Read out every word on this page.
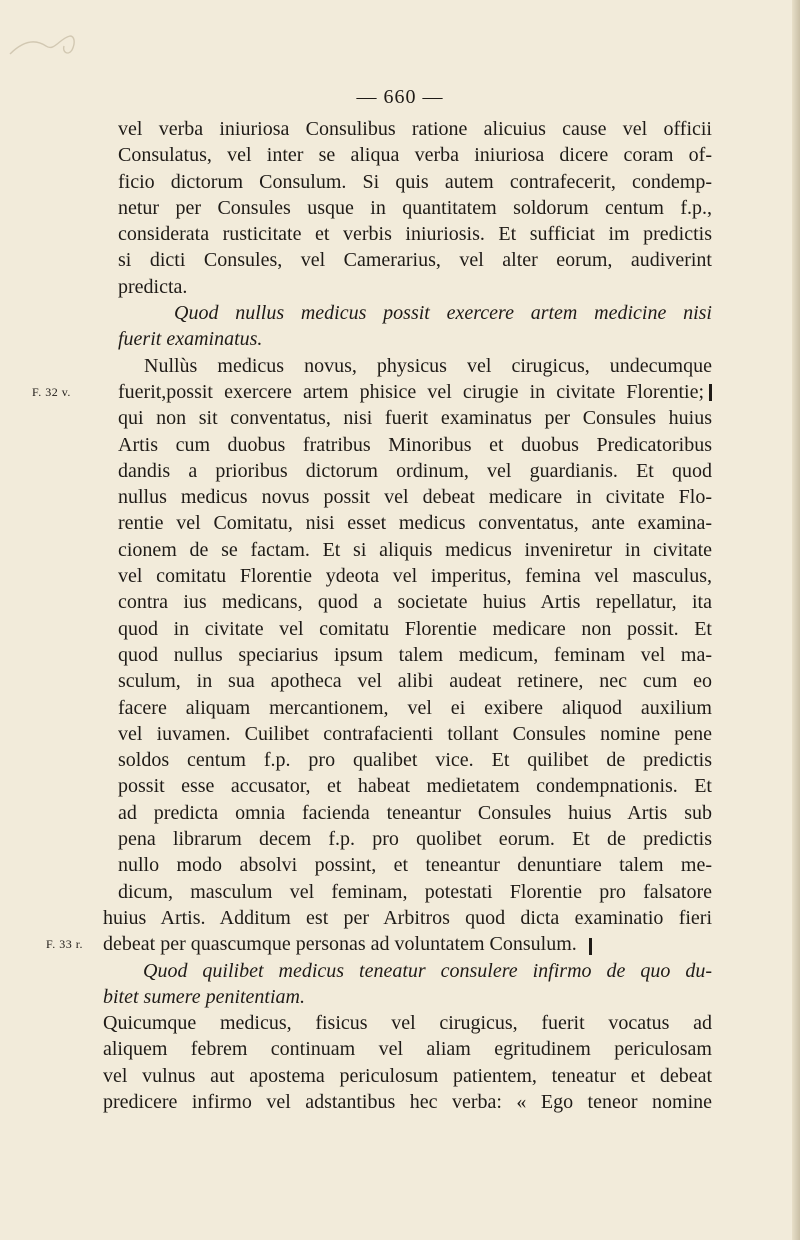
— 660 —
vel verba iniuriosa Consulibus ratione alicuius cause vel officii
Consulatus, vel inter se aliqua verba iniuriosa dicere coram of-
ficio dictorum Consulum. Si quis autem contrafecerit, condemp-
netur per Consules usque in quantitatem soldorum centum f.p.,
considerata rusticitate et verbis iniuriosis. Et sufficiat im predictis
si dicti Consules, vel Camerarius, vel alter eorum, audiverint
predicta.
Quod nullus medicus possit exercere artem medicine nisi
fuerit examinatus.
Nullùs medicus novus, physicus vel cirugicus, undecumque
F. 32 v. fuerit,possit exercere artem phisice vel cirugie in civitate Florentie;
qui non sit conventatus, nisi fuerit examinatus per Consules huius
Artis cum duobus fratribus Minoribus et duobus Predicatoribus
dandis a prioribus dictorum ordinum, vel guardianis. Et quod
nullus medicus novus possit vel debeat medicare in civitate Flo-
rentie vel Comitatu, nisi esset medicus conventatus, ante examina-
cionem de se factam. Et si aliquis medicus inveniretur in civitate
vel comitatu Florentie ydeota vel imperitus, femina vel masculus,
contra ius medicans, quod a societate huius Artis repellatur, ita
quod in civitate vel comitatu Florentie medicare non possit. Et
quod nullus speciarius ipsum talem medicum, feminam vel ma-
sculum, in sua apotheca vel alibi audeat retinere, nec cum eo
facere aliquam mercantionem, vel ei exibere aliquod auxilium
vel iuvamen. Cuilibet contrafacienti tollant Consules nomine pene
soldos centum f.p. pro qualibet vice. Et quilibet de predictis
possit esse accusator, et habeat medietatem condempnationis. Et
ad predicta omnia facienda teneantur Consules huius Artis sub
pena librarum decem f.p. pro quolibet eorum. Et de predictis
nullo modo absolvi possint, et teneantur denuntiare talem me-
dicum, masculum vel feminam, potestati Florentie pro falsatore
huius Artis. Additum est per Arbitros quod dicta examinatio fieri
F. 33 r. debeat per quascumque personas ad voluntatem Consulum.
Quod quilibet medicus teneatur consulere infirmo de quo du-
bitet sumere penitentiam.
Quicumque medicus, fisicus vel cirugicus, fuerit vocatus ad
aliquem febrem continuam vel aliam egritudinem periculosam
vel vulnus aut apostema periculosum patientem, teneatur et debeat
predicere infirmo vel adstantibus hec verba: « Ego teneor nomine
